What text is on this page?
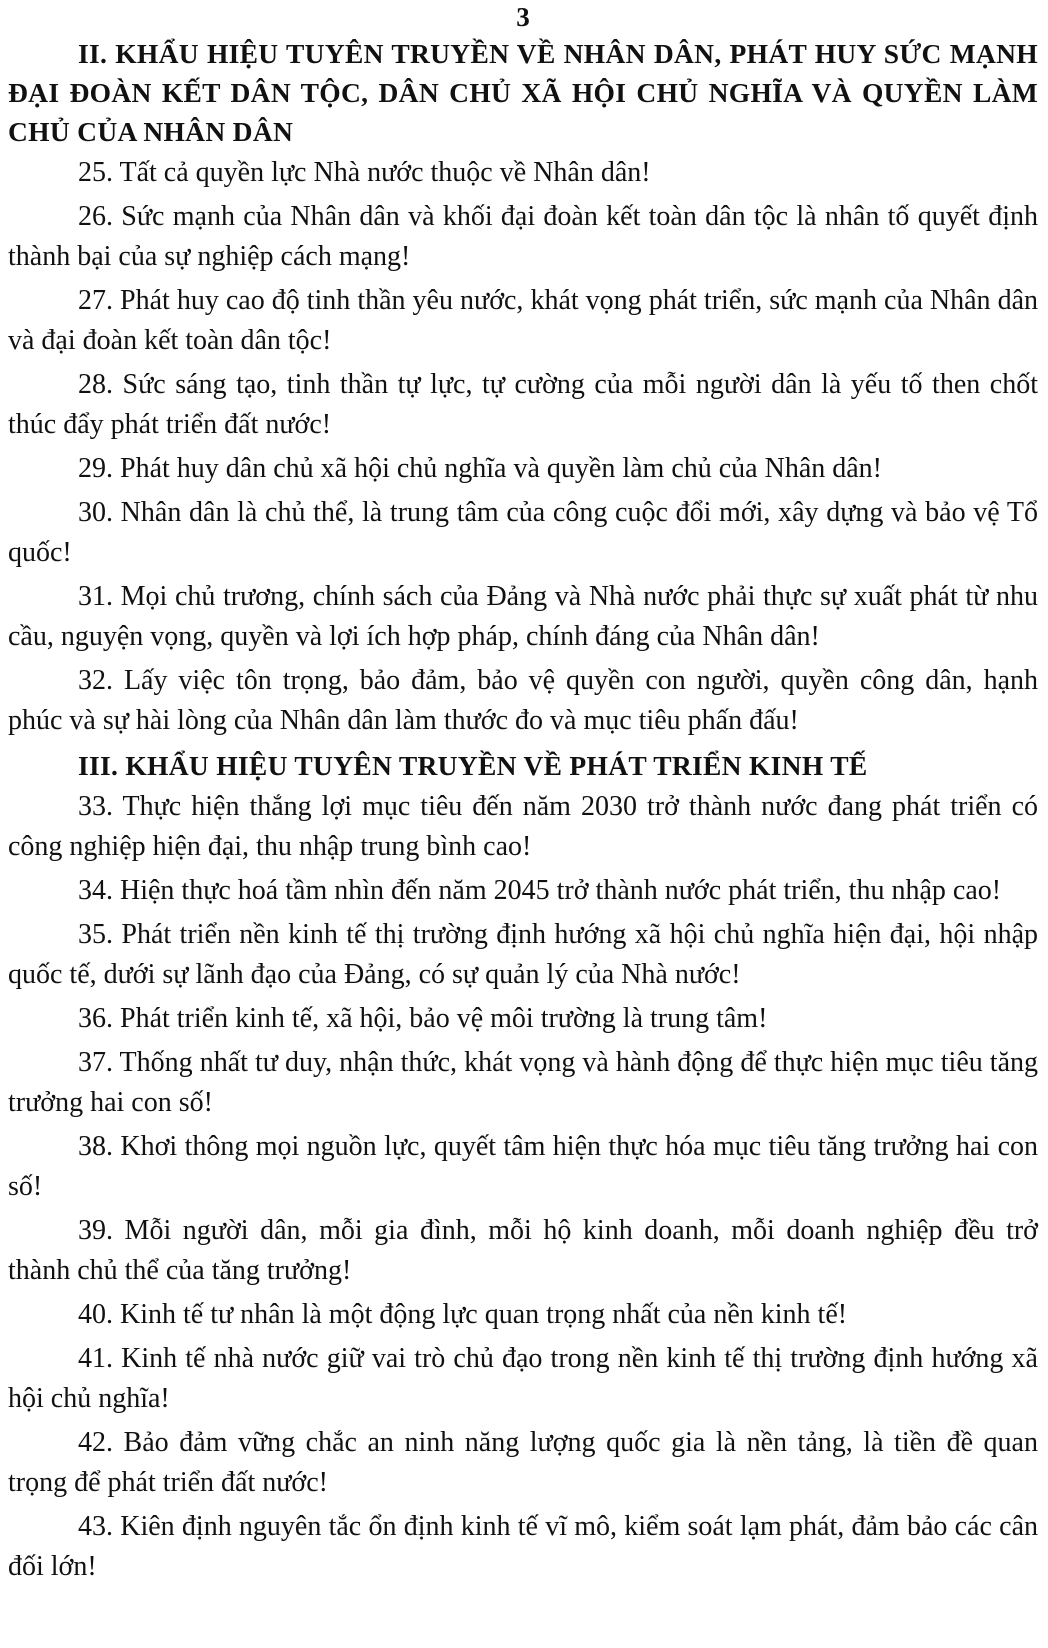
3
II. KHẨU HIỆU TUYÊN TRUYỀN VỀ NHÂN DÂN, PHÁT HUY SỨC MẠNH ĐẠI ĐOÀN KẾT DÂN TỘC, DÂN CHỦ XÃ HỘI CHỦ NGHĨA VÀ QUYỀN LÀM CHỦ CỦA NHÂN DÂN

25. Tất cả quyền lực Nhà nước thuộc về Nhân dân!

26. Sức mạnh của Nhân dân và khối đại đoàn kết toàn dân tộc là nhân tố quyết định thành bại của sự nghiệp cách mạng!

27. Phát huy cao độ tinh thần yêu nước, khát vọng phát triển, sức mạnh của Nhân dân và đại đoàn kết toàn dân tộc!

28. Sức sáng tạo, tinh thần tự lực, tự cường của mỗi người dân là yếu tố then chốt thúc đẩy phát triển đất nước!

29. Phát huy dân chủ xã hội chủ nghĩa và quyền làm chủ của Nhân dân!

30. Nhân dân là chủ thể, là trung tâm của công cuộc đổi mới, xây dựng và bảo vệ Tổ quốc!

31. Mọi chủ trương, chính sách của Đảng và Nhà nước phải thực sự xuất phát từ nhu cầu, nguyện vọng, quyền và lợi ích hợp pháp, chính đáng của Nhân dân!

32. Lấy việc tôn trọng, bảo đảm, bảo vệ quyền con người, quyền công dân, hạnh phúc và sự hài lòng của Nhân dân làm thước đo và mục tiêu phấn đấu!

III. KHẨU HIỆU TUYÊN TRUYỀN VỀ PHÁT TRIỂN KINH TẾ

33. Thực hiện thắng lợi mục tiêu đến năm 2030 trở thành nước đang phát triển có công nghiệp hiện đại, thu nhập trung bình cao!

34. Hiện thực hoá tầm nhìn đến năm 2045 trở thành nước phát triển, thu nhập cao!

35. Phát triển nền kinh tế thị trường định hướng xã hội chủ nghĩa hiện đại, hội nhập quốc tế, dưới sự lãnh đạo của Đảng, có sự quản lý của Nhà nước!

36. Phát triển kinh tế, xã hội, bảo vệ môi trường là trung tâm!

37. Thống nhất tư duy, nhận thức, khát vọng và hành động để thực hiện mục tiêu tăng trưởng hai con số!

38. Khơi thông mọi nguồn lực, quyết tâm hiện thực hóa mục tiêu tăng trưởng hai con số!

39. Mỗi người dân, mỗi gia đình, mỗi hộ kinh doanh, mỗi doanh nghiệp đều trở thành chủ thể của tăng trưởng!

40. Kinh tế tư nhân là một động lực quan trọng nhất của nền kinh tế!

41. Kinh tế nhà nước giữ vai trò chủ đạo trong nền kinh tế thị trường định hướng xã hội chủ nghĩa!

42. Bảo đảm vững chắc an ninh năng lượng quốc gia là nền tảng, là tiền đề quan trọng để phát triển đất nước!

43. Kiên định nguyên tắc ổn định kinh tế vĩ mô, kiểm soát lạm phát, đảm bảo các cân đối lớn!
